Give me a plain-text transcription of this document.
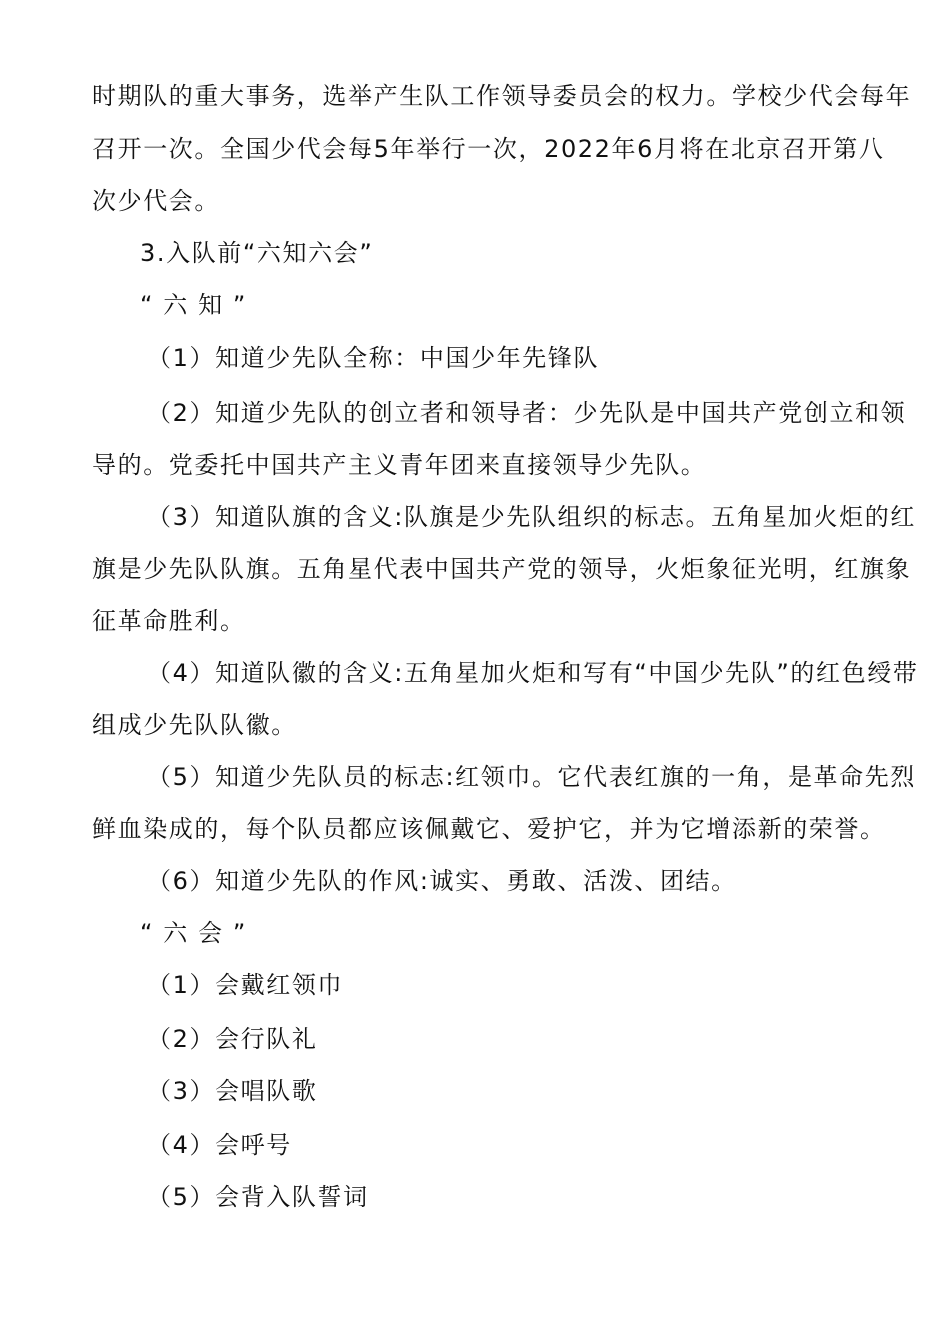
时期队的重大事务，选举产生队工作领导委员会的权力。学校少代会每年
召开一次。全国少代会每5年举行一次，2022年6月将在北京召开第八
次少代会。
3.入队前“六知六会”
“ 六 知 ”
（1）知道少先队全称：中国少年先锋队
（2）知道少先队的创立者和领导者：少先队是中国共产党创立和领
导的。党委托中国共产主义青年团来直接领导少先队。
（3）知道队旗的含义:队旗是少先队组织的标志。五角星加火炬的红
旗是少先队队旗。五角星代表中国共产党的领导，火炬象征光明，红旗象
征革命胜利。
（4）知道队徽的含义:五角星加火炬和写有“中国少先队”的红色绶带
组成少先队队徽。
（5）知道少先队员的标志:红领巾。它代表红旗的一角，是革命先烈
鲜血染成的，每个队员都应该佩戴它、爱护它，并为它增添新的荣誉。
（6）知道少先队的作风:诚实、勇敢、活泼、团结。
“ 六 会 ”
（1）会戴红领巾
（2）会行队礼
（3）会唱队歌
（4）会呼号
（5）会背入队誓词
